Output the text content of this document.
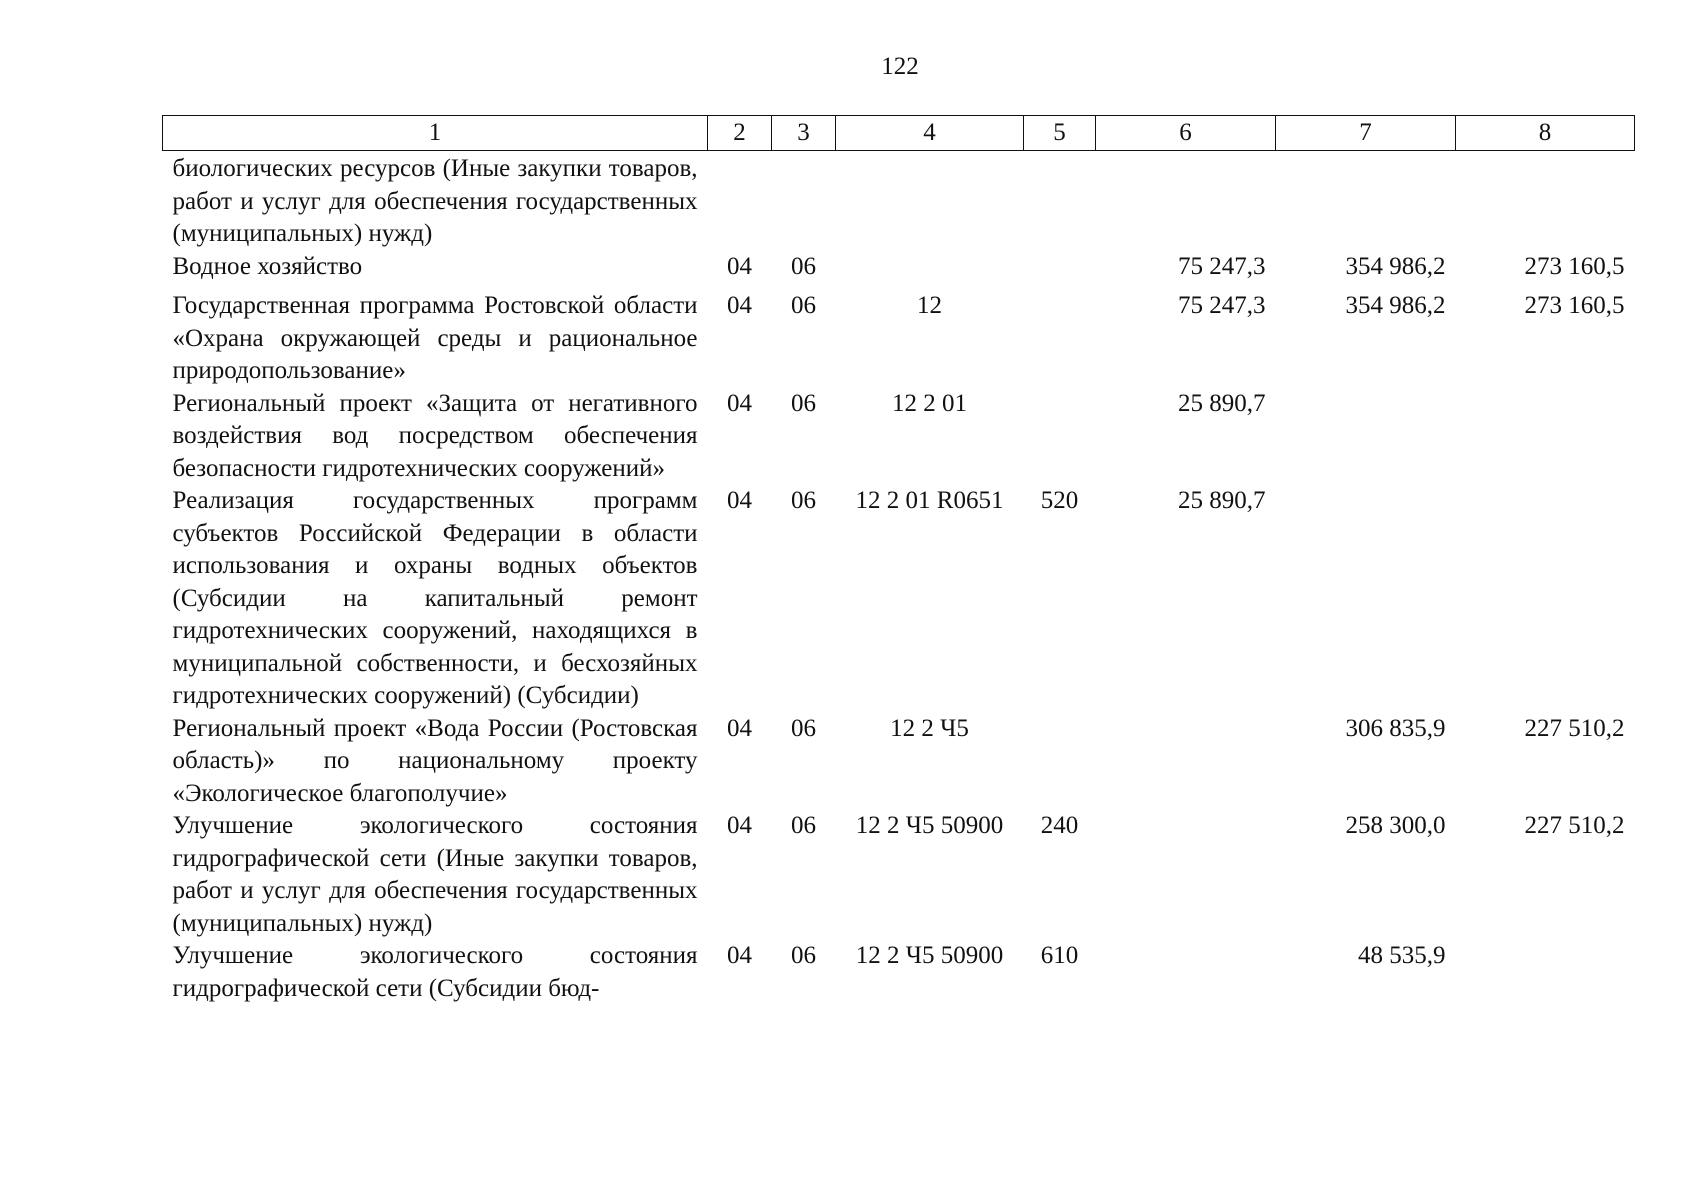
122
1	2	3	4	5	6	7	8
биологических ресурсов (Иные закупки товаров, работ и услуг для обеспечения государственных (муниципальных) нужд)							
Водное хозяйство	04	06			75 247,3	354 986,2	273 160,5
Государственная программа Ростовской области «Охрана окружающей среды и рациональное природопользование»	04	06	12		75 247,3	354 986,2	273 160,5
Региональный проект «Защита от негативного воздействия вод посредством обеспечения безопасности гидротехнических сооружений»	04	06	12 2 01		25 890,7		
Реализация государственных программ субъектов Российской Федерации в области использования и охраны водных объектов (Субсидии на капитальный ремонт гидротехнических сооружений, находящихся в муниципальной собственности, и бесхозяйных гидротехнических сооружений) (Субсидии)	04	06	12 2 01 R0651	520	25 890,7		
Региональный проект «Вода России (Ростовская область)» по национальному проекту «Экологическое благополучие»	04	06	12 2 Ч5			306 835,9	227 510,2
Улучшение экологического состояния гидрографической сети (Иные закупки товаров, работ и услуг для обеспечения государственных (муниципальных) нужд)	04	06	12 2 Ч5 50900	240		258 300,0	227 510,2
Улучшение экологического состояния гидрографической сети (Субсидии бюд-	04	06	12 2 Ч5 50900	610		48 535,9	
